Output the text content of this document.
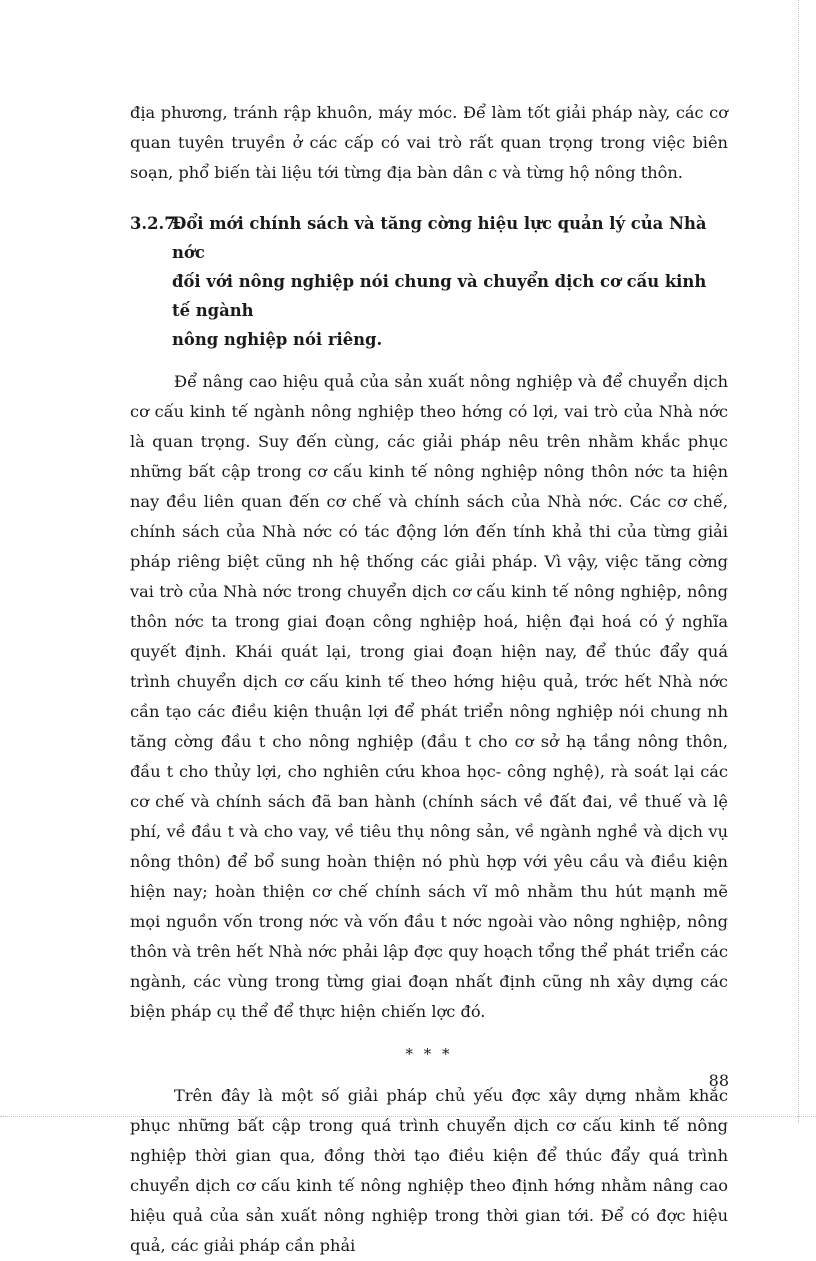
địa phương, tránh rập khuôn, máy móc. Để làm tốt giải pháp này, các cơ quan tuyên truyền ở các cấp có vai trò rất quan trọng trong việc biên soạn, phổ biến tài liệu tới từng địa bàn dân c và từng hộ nông thôn.

3.2.7.
Đổi mới chính sách và tăng cờng hiệu lực quản lý của Nhà nớc
đối với nông nghiệp nói chung và chuyển dịch cơ cấu kinh tế ngành
nông nghiệp nói riêng.

Để nâng cao hiệu quả của sản xuất nông nghiệp và để chuyển dịch cơ cấu kinh tế ngành nông nghiệp theo hớng có lợi, vai trò của Nhà nớc là quan trọng. Suy đến cùng, các giải pháp nêu trên nhằm khắc phục những bất cập trong cơ cấu kinh tế nông nghiệp nông thôn nớc ta hiện nay đều liên quan đến cơ chế và chính sách của Nhà nớc. Các cơ chế, chính sách của Nhà nớc có tác động lớn đến tính khả thi của từng giải pháp riêng biệt cũng nh hệ thống các giải pháp. Vì vậy, việc tăng cờng vai trò của Nhà nớc trong chuyển dịch cơ cấu kinh tế nông nghiệp, nông thôn nớc ta trong giai đoạn công nghiệp hoá, hiện đại hoá có ý nghĩa quyết định. Khái quát lại, trong giai đoạn hiện nay, để thúc đẩy quá trình chuyển dịch cơ cấu kinh tế theo hớng hiệu quả, trớc hết Nhà nớc cần tạo các điều kiện thuận lợi để phát triển nông nghiệp nói chung nh tăng cờng đầu t cho nông nghiệp (đầu t cho cơ sở hạ tầng nông thôn, đầu t cho thủy lợi, cho nghiên cứu khoa học- công nghệ), rà soát lại các cơ chế và chính sách đã ban hành (chính sách về đất đai, về thuế và lệ phí, về đầu t và cho vay, về tiêu thụ nông sản, về ngành nghề và dịch vụ nông thôn) để bổ sung hoàn thiện nó phù hợp với yêu cầu và điều kiện hiện nay; hoàn thiện cơ chế chính sách vĩ mô nhằm thu hút mạnh mẽ mọi nguồn vốn trong nớc và vốn đầu t nớc ngoài vào nông nghiệp, nông thôn và trên hết Nhà nớc phải lập đợc quy hoạch tổng thể phát triển các ngành, các vùng trong từng giai đoạn nhất định cũng nh xây dựng các biện pháp cụ thể để thực hiện chiến lợc đó.

* * *

Trên đây là một số giải pháp chủ yếu đợc xây dựng nhằm khắc phục những bất cập trong quá trình chuyển dịch cơ cấu kinh tế nông nghiệp thời gian qua, đồng thời tạo điều kiện để thúc đẩy quá trình chuyển dịch cơ cấu kinh tế nông nghiệp theo định hớng nhằm nâng cao hiệu quả của sản xuất nông nghiệp trong thời gian tới. Để có đợc hiệu quả, các giải pháp cần phải

88
